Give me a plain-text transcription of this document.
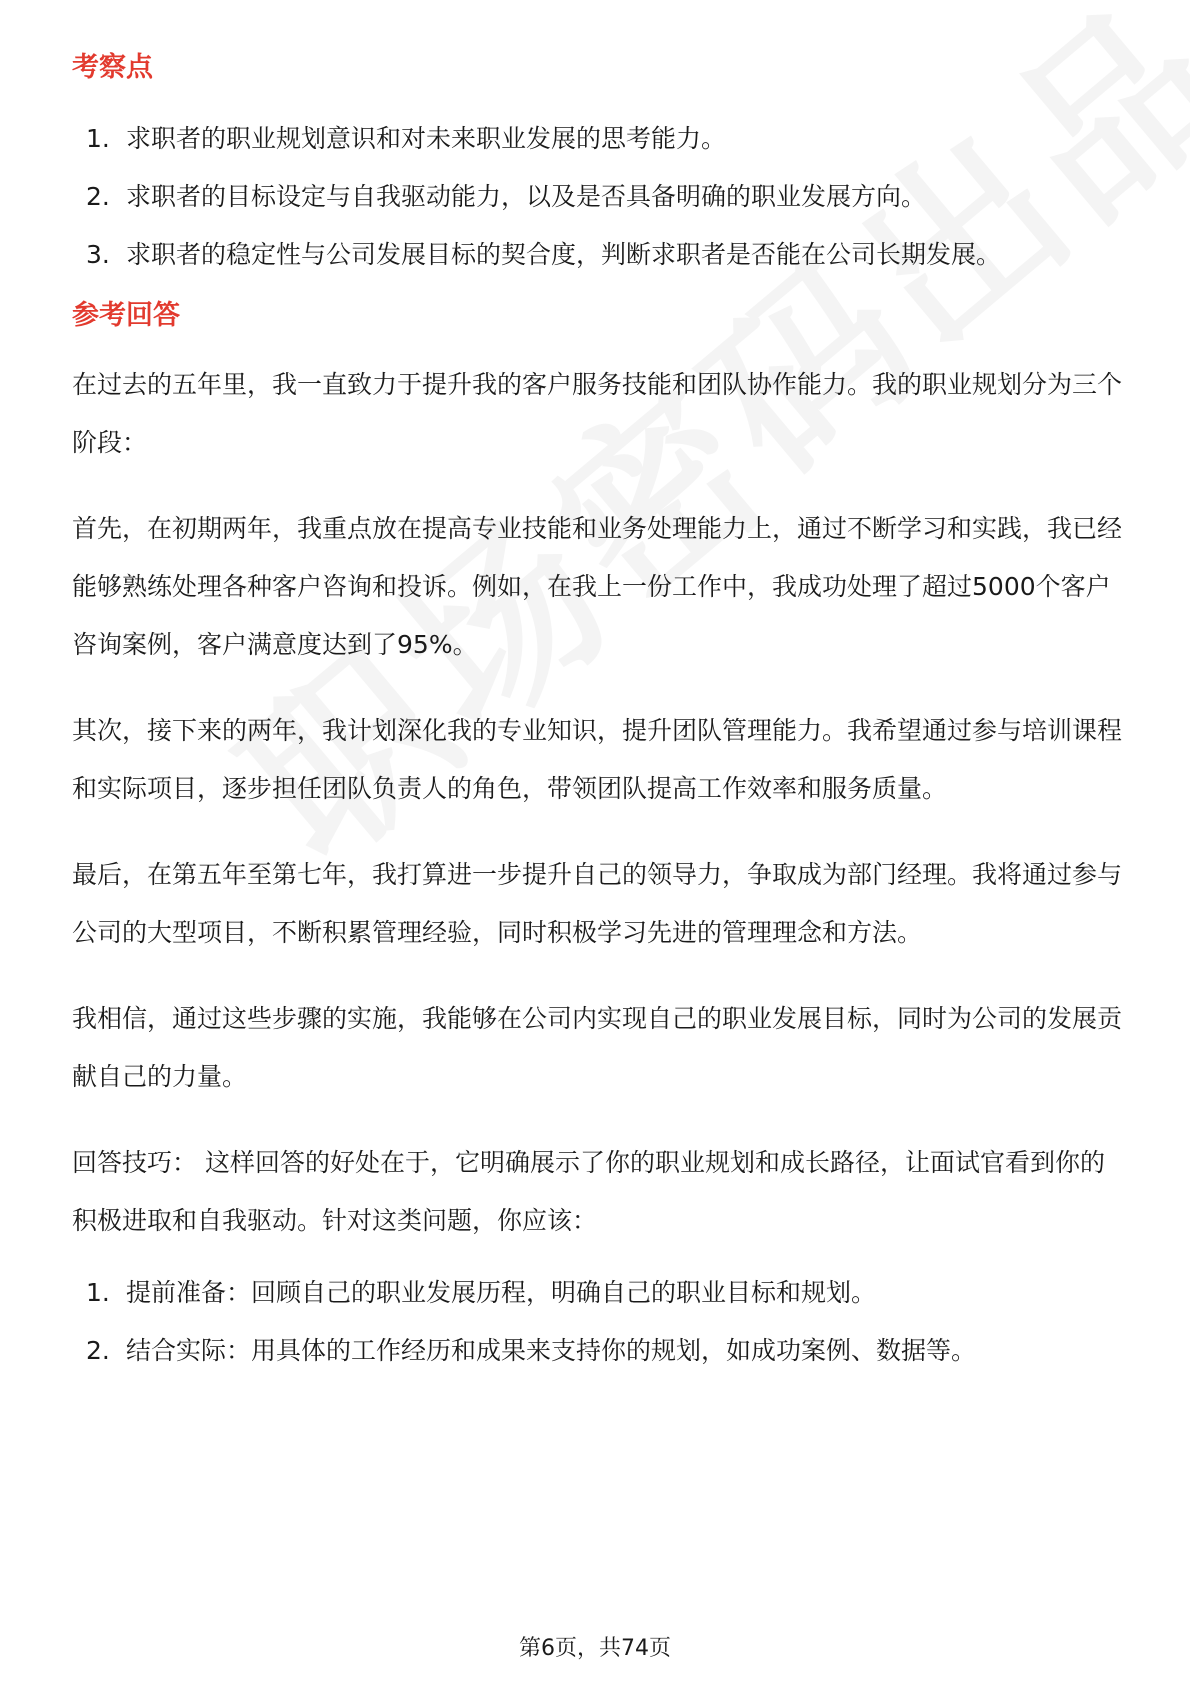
考察点
1. 求职者的职业规划意识和对未来职业发展的思考能力。
2. 求职者的目标设定与自我驱动能力，以及是否具备明确的职业发展方向。
3. 求职者的稳定性与公司发展目标的契合度，判断求职者是否能在公司长期发展。
参考回答

在过去的五年里，我一直致力于提升我的客户服务技能和团队协作能力。我的职业规划分为三个阶段：

首先，在初期两年，我重点放在提高专业技能和业务处理能力上，通过不断学习和实践，我已经能够熟练处理各种客户咨询和投诉。例如，在我上一份工作中，我成功处理了超过5000个客户咨询案例，客户满意度达到了95%。

其次，接下来的两年，我计划深化我的专业知识，提升团队管理能力。我希望通过参与培训课程和实际项目，逐步担任团队负责人的角色，带领团队提高工作效率和服务质量。

最后，在第五年至第七年，我打算进一步提升自己的领导力，争取成为部门经理。我将通过参与公司的大型项目，不断积累管理经验，同时积极学习先进的管理理念和方法。

我相信，通过这些步骤的实施，我能够在公司内实现自己的职业发展目标，同时为公司的发展贡献自己的力量。

回答技巧： 这样回答的好处在于，它明确展示了你的职业规划和成长路径，让面试官看到你的积极进取和自我驱动。针对这类问题，你应该：

1. 提前准备：回顾自己的职业发展历程，明确自己的职业目标和规划。
2. 结合实际：用具体的工作经历和成果来支持你的规划，如成功案例、数据等。
第6页，共74页
